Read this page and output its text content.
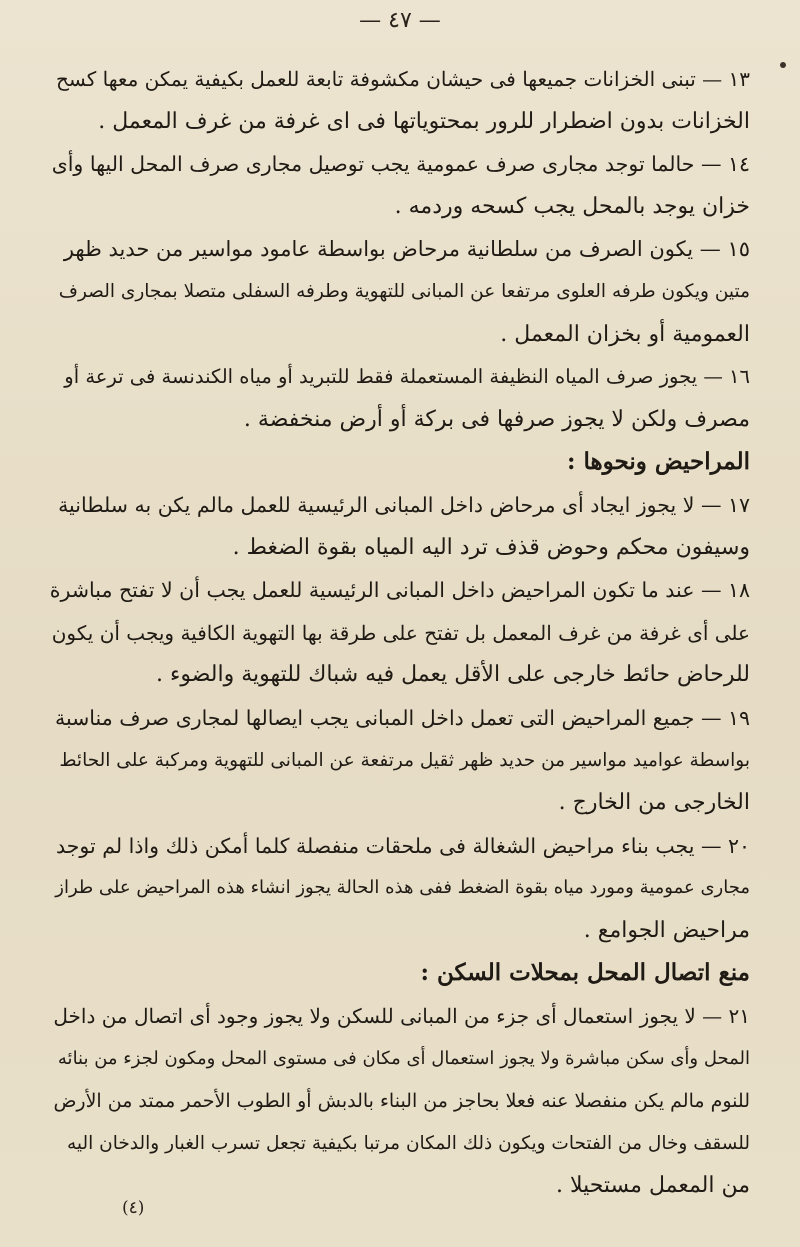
— ٤٧ —

١٣ — تبنى الخزانات جميعها فى حيشان مكشوفة تابعة للعمل بكيفية يمكن معها كسح
الخزانات بدون اضطرار للرور بمحتوياتها فى اى غرفة من غرف المعمل .

١٤ — حالما توجد مجارى صرف عمومية يجب توصيل مجارى صرف المحل اليها وأى
خزان يوجد بالمحل يجب كسحه وردمه .

١٥ — يكون الصرف من سلطانية مرحاض بواسطة عامود مواسير من حديد ظهر
متين ويكون طرفه العلوى مرتفعا عن المبانى للتهوية وطرفه السفلى متصلا بمجارى الصرف
العمومية أو بخزان المعمل .

١٦ — يجوز صرف المياه النظيفة المستعملة فقط للتبريد أو مياه الكندنسة فى ترعة أو
مصرف ولكن لا يجوز صرفها فى بركة أو أرض منخفضة .

المراحيض ونحوها :

١٧ — لا يجوز ايجاد أى مرحاض داخل المبانى الرئيسية للعمل مالم يكن به سلطانية
وسيفون محكم وحوض قذف ترد اليه المياه بقوة الضغط .

١٨ — عند ما تكون المراحيض داخل المبانى الرئيسية للعمل يجب أن لا تفتح مباشرة
على أى غرفة من غرف المعمل بل تفتح على طرقة بها التهوية الكافية ويجب أن يكون
للرحاض حائط خارجى على الأقل يعمل فيه شباك للتهوية والضوء .

١٩ — جميع المراحيض التى تعمل داخل المبانى يجب ايصالها لمجارى صرف مناسبة
بواسطة عواميد مواسير من حديد ظهر ثقيل مرتفعة عن المبانى للتهوية ومركبة على الحائط
الخارجى من الخارج .

٢٠ — يجب بناء مراحيض الشغالة فى ملحقات منفصلة كلما أمكن ذلك واذا لم توجد
مجارى عمومية ومورد مياه بقوة الضغط ففى هذه الحالة يجوز انشاء هذه المراحيض على طراز
مراحيض الجوامع .

منع اتصال المحل بمحلات السكن :

٢١ — لا يجوز استعمال أى جزء من المبانى للسكن ولا يجوز وجود أى اتصال من داخل
المحل وأى سكن مباشرة ولا يجوز استعمال أى مكان فى مستوى المحل ومكون لجزء من بنائه
للنوم مالم يكن منفصلا عنه فعلا بحاجز من البناء بالدبش أو الطوب الأحمر ممتد من الأرض
للسقف وخال من الفتحات ويكون ذلك المكان مرتبا بكيفية تجعل تسرب الغبار والدخان اليه
من المعمل مستحيلا .

(٤)
